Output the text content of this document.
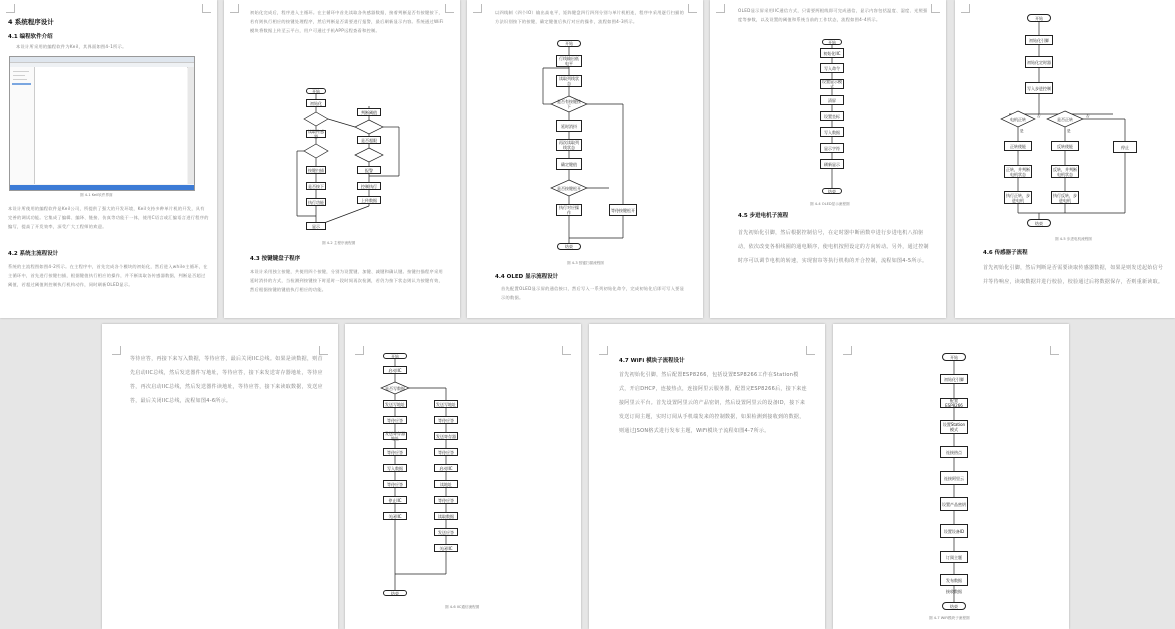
4 系统程序设计
4.1 编程软件介绍
本设计所采用的编程软件为Keil，其界面如图4-1所示。
图 4-1 Keil软件界面
本设计所使用的编程软件是Keil公司，所提供了强大的开发环境，Keil支持多种单片机的开发，具有完善的调试功能。它集成了编辑、编译、链接、仿真等功能于一体，使用C语言或汇编语言进行程序的编写，提高了开发效率，深受广大工程师的欢迎。
4.2 系统主流程设计
系统的主流程图如图4-2所示。在主程序中，首先完成各个模块的初始化，然后进入while主循环，在主循环中，首先进行按键扫描，根据键值执行相应的操作，并不断读取各传感器数据，判断是否超过阈值，若超过阈值则控制执行机构动作，同时刷新OLED显示。
初始化完成后，程序进入主循环。在主循环中首先读取各传感器数据，接着判断是否有按键按下，若有则执行相应的按键处理程序，然后判断是否需要进行报警，最后刷新显示内容。系统通过WiFi模块将数据上传至云平台，用户可通过手机APP远程查看和控制。
开始
初始化
读取传感器
按键扫描
是否按下
执行功能
显示
判断阈值
是否超限
报警
控制执行
上传数据
图 4-2 主程序流程图
4.3 按键键盘子程序
本设计采用独立按键，共使用四个按键，分别为设置键、加键、减键和确认键。按键扫描程序采用延时消抖的方式，当检测到按键按下时延时一段时间再次检测，若仍为按下状态则认为按键有效，然后根据按键的键值执行相应的功能。
以四线制（四个IO）输出高电平，矩阵键盘四行四列分别与单片机相连，程序中采用逐行扫描的方法识别按下的按键，确定键值后执行对应的操作，流程如图4-3所示。
开始
行线输出低电平
读取列线状态
是否有按键按下
延时消抖
再次读取列线状态
确定键值
是否按键松开
执行对应操作
结束
等待按键松开
图 4-3 按键扫描流程图
4.4 OLED 显示流程设计
首先配置OLED显示屏的通信接口，然后写入一系列初始化命令，完成初始化后即可写入要显示的数据。
OLED显示屏采用IIC通信方式，只需要两根线即可完成通信，显示内容包括温度、湿度、光照强度等参数，以及设置的阈值和系统当前的工作状态，流程如图4-4所示。
开始
初始化IIC
写入命令
设置显示模式
清屏
设置坐标
写入数据
显示字符
刷新显示
结束
图 4-4 OLED显示流程图
4.5 步进电机子流程
首先初始化引脚，然后根据控制信号，在定时器中断函数中进行步进电机八拍驱动，依次改变各相线圈的通电顺序，使电机按照设定的方向转动。另外，通过控制时序可以调节电机的转速，实现窗帘等执行机构的开合控制，流程如图4-5所示。
开始
初始化引脚
初始化定时器
写入步进控制
电机正转	是否正转
正转使能
正转，并判断电机状态
执行正转，步进电机
反转使能
反转，并判断电机状态
执行反转，步进电机
停止
结束
是	是
否	否
图 4-5 步进电机流程图
4.6 传感器子流程
首先初始化引脚，然后判断是否需要读取传感器数据，如果是则发送起始信号并等待响应，读取数据并进行校验，校验通过后将数据保存，否则重新读取。
等待应答，再接下来写入数据，等待应答，最后关闭IIC总线。如果是读数据，则首先启动IIC总线，然后发送器件写地址，等待应答，接下来发送寄存器地址，等待应答，再次启动IIC总线，然后发送器件读地址，等待应答，接下来读取数据，发送应答，最后关闭IIC总线，流程如图4-6所示。
开始
启动IIC
是否写数据
发送写地址
等待应答
发送寄存器地址
等待应答
写入数据
等待应答
停止IIC
关闭IIC
结束
发送写地址
等待应答
发送寄存器
等待应答
启动IIC
读地址
等待应答
读取数据
发送应答
关闭IIC
图 4-6 IIC通信流程图
4.7 WiFi 模块子流程设计
首先初始化引脚，然后配置ESP8266，包括设置ESP8266工作在Station模式，开启DHCP，连接热点，连接阿里云服务器，配置完ESP8266后，接下来连接阿里云平台。首先设置阿里云的产品密钥，然后设置阿里云的设备ID，接下来发送订阅主题，实时订阅从手机端发来的控制数据，如果检测到接收到的数据，则通过JSON格式进行发布主题，WiFi模块子流程如图4-7所示。
开始
初始化引脚
配置ESP8266
设置Station模式
连接热点
连接阿里云
设置产品密钥
设置设备ID
订阅主题
发布数据
接收数据
结束
图 4-7 WiFi模块子流程图
